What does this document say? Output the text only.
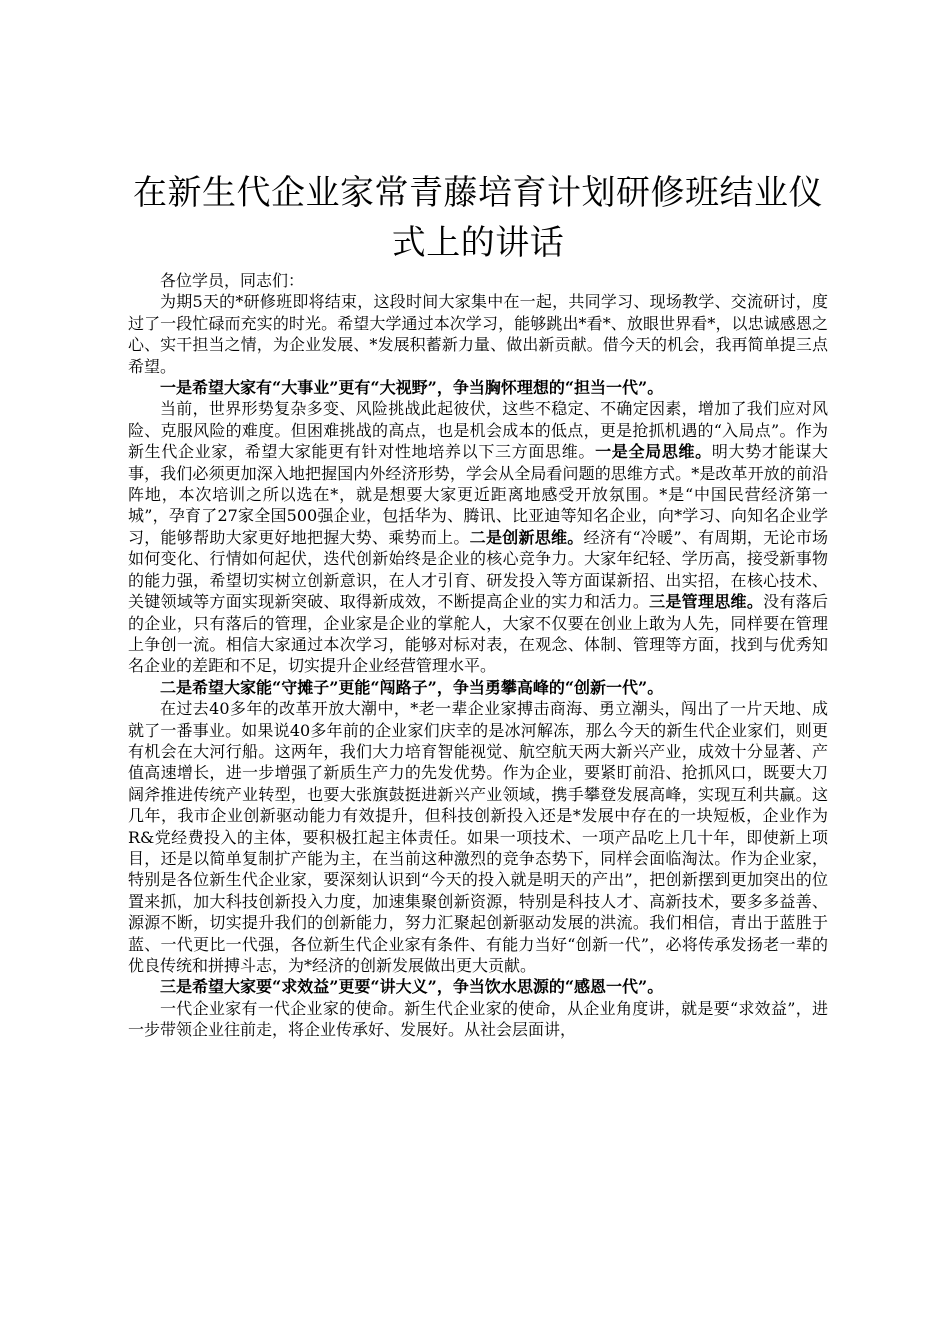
在新生代企业家常青藤培育计划研修班结业仪式上的讲话

各位学员，同志们：

为期5天的*研修班即将结束，这段时间大家集中在一起，共同学习、现场教学、交流研讨，度过了一段忙碌而充实的时光。希望大学通过本次学习，能够跳出*看*、放眼世界看*，以忠诚感恩之心、实干担当之情，为企业发展、*发展积蓄新力量、做出新贡献。借今天的机会，我再简单提三点希望。

一是希望大家有“大事业”更有“大视野”，争当胸怀理想的“担当一代”。

当前，世界形势复杂多变、风险挑战此起彼伏，这些不稳定、不确定因素，增加了我们应对风险、克服风险的难度。但困难挑战的高点，也是机会成本的低点，更是抢抓机遇的“入局点”。作为新生代企业家，希望大家能更有针对性地培养以下三方面思维。一是全局思维。明大势才能谋大事，我们必须更加深入地把握国内外经济形势，学会从全局看问题的思维方式。*是改革开放的前沿阵地，本次培训之所以选在*，就是想要大家更近距离地感受开放氛围。*是“中国民营经济第一城”，孕育了27家全国500强企业，包括华为、腾讯、比亚迪等知名企业，向*学习、向知名企业学习，能够帮助大家更好地把握大势、乘势而上。二是创新思维。经济有“冷暖”、有周期，无论市场如何变化、行情如何起伏，迭代创新始终是企业的核心竞争力。大家年纪轻、学历高，接受新事物的能力强，希望切实树立创新意识，在人才引育、研发投入等方面谋新招、出实招，在核心技术、关键领域等方面实现新突破、取得新成效，不断提高企业的实力和活力。三是管理思维。没有落后的企业，只有落后的管理，企业家是企业的掌舵人，大家不仅要在创业上敢为人先，同样要在管理上争创一流。相信大家通过本次学习，能够对标对表，在观念、体制、管理等方面，找到与优秀知名企业的差距和不足，切实提升企业经营管理水平。

二是希望大家能“守摊子”更能“闯路子”，争当勇攀高峰的“创新一代”。

在过去40多年的改革开放大潮中，*老一辈企业家搏击商海、勇立潮头，闯出了一片天地、成就了一番事业。如果说40多年前的企业家们庆幸的是冰河解冻，那么今天的新生代企业家们，则更有机会在大河行船。这两年，我们大力培育智能视觉、航空航天两大新兴产业，成效十分显著、产值高速增长，进一步增强了新质生产力的先发优势。作为企业，要紧盯前沿、抢抓风口，既要大刀阔斧推进传统产业转型，也要大张旗鼓挺进新兴产业领域，携手攀登发展高峰，实现互利共赢。这几年，我市企业创新驱动能力有效提升，但科技创新投入还是*发展中存在的一块短板，企业作为R&党经费投入的主体，要积极扛起主体责任。如果一项技术、一项产品吃上几十年，即使新上项目，还是以简单复制扩产能为主，在当前这种激烈的竞争态势下，同样会面临淘汰。作为企业家，特别是各位新生代企业家，要深刻认识到“今天的投入就是明天的产出”，把创新摆到更加突出的位置来抓，加大科技创新投入力度，加速集聚创新资源，特别是科技人才、高新技术，要多多益善、源源不断，切实提升我们的创新能力，努力汇聚起创新驱动发展的洪流。我们相信，青出于蓝胜于蓝、一代更比一代强，各位新生代企业家有条件、有能力当好“创新一代”，必将传承发扬老一辈的优良传统和拼搏斗志，为*经济的创新发展做出更大贡献。

三是希望大家要“求效益”更要“讲大义”，争当饮水思源的“感恩一代”。

一代企业家有一代企业家的使命。新生代企业家的使命，从企业角度讲，就是要“求效益”，进一步带领企业往前走，将企业传承好、发展好。从社会层面讲，
